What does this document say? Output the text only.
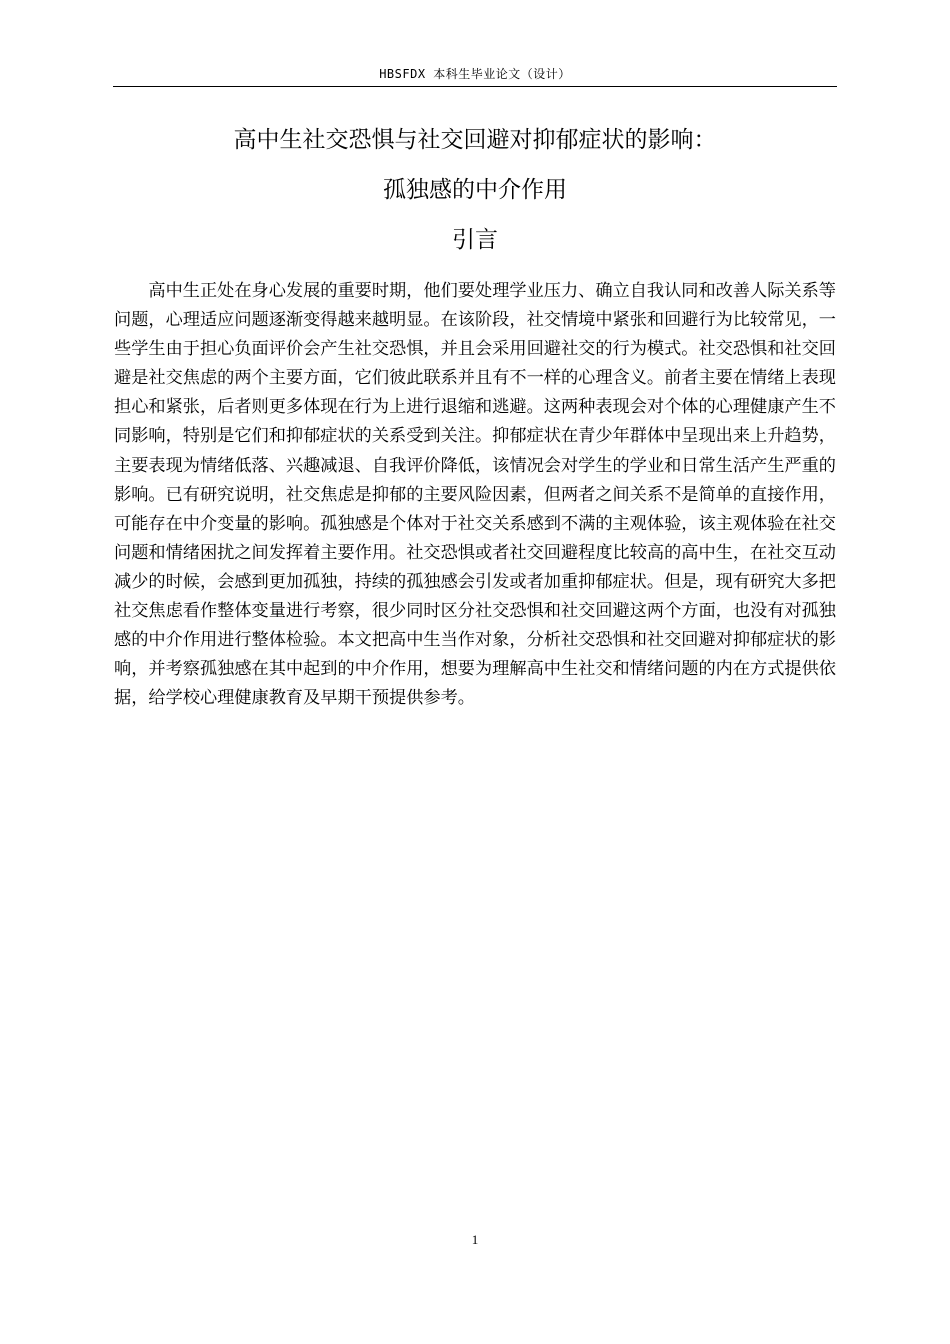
HBSFDX 本科生毕业论文（设计）
高中生社交恐惧与社交回避对抑郁症状的影响：
孤独感的中介作用
引言

高中生正处在身心发展的重要时期，他们要处理学业压力、确立自我认同和改善人际关系等问题，心理适应问题逐渐变得越来越明显。在该阶段，社交情境中紧张和回避行为比较常见，一些学生由于担心负面评价会产生社交恐惧，并且会采用回避社交的行为模式。社交恐惧和社交回避是社交焦虑的两个主要方面，它们彼此联系并且有不一样的心理含义。前者主要在情绪上表现担心和紧张，后者则更多体现在行为上进行退缩和逃避。这两种表现会对个体的心理健康产生不同影响，特别是它们和抑郁症状的关系受到关注。抑郁症状在青少年群体中呈现出来上升趋势，主要表现为情绪低落、兴趣减退、自我评价降低，该情况会对学生的学业和日常生活产生严重的影响。已有研究说明，社交焦虑是抑郁的主要风险因素，但两者之间关系不是简单的直接作用，可能存在中介变量的影响。孤独感是个体对于社交关系感到不满的主观体验，该主观体验在社交问题和情绪困扰之间发挥着主要作用。社交恐惧或者社交回避程度比较高的高中生，在社交互动减少的时候，会感到更加孤独，持续的孤独感会引发或者加重抑郁症状。但是，现有研究大多把社交焦虑看作整体变量进行考察，很少同时区分社交恐惧和社交回避这两个方面，也没有对孤独感的中介作用进行整体检验。本文把高中生当作对象，分析社交恐惧和社交回避对抑郁症状的影响，并考察孤独感在其中起到的中介作用，想要为理解高中生社交和情绪问题的内在方式提供依据，给学校心理健康教育及早期干预提供参考。

1
